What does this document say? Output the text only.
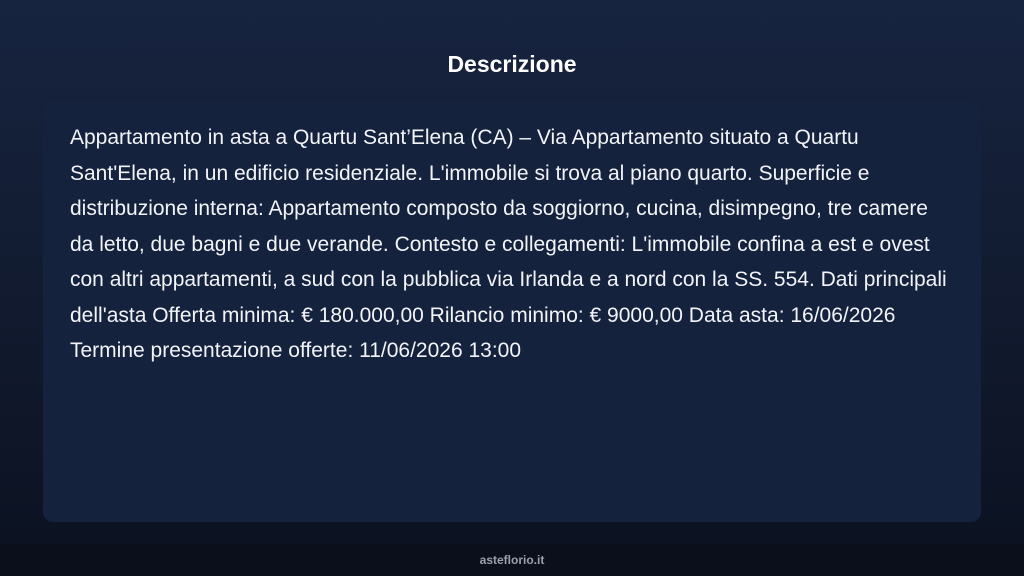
Descrizione

Appartamento in asta a Quartu Sant’Elena (CA) – Via Appartamento situato a Quartu Sant'Elena, in un edificio residenziale. L'immobile si trova al piano quarto. Superficie e distribuzione interna: Appartamento composto da soggiorno, cucina, disimpegno, tre camere da letto, due bagni e due verande. Contesto e collegamenti: L'immobile confina a est e ovest con altri appartamenti, a sud con la pubblica via Irlanda e a nord con la SS. 554. Dati principali dell'asta Offerta minima: € 180.000,00 Rilancio minimo: € 9000,00 Data asta: 16/06/2026 Termine presentazione offerte: 11/06/2026 13:00

asteflorio.it
